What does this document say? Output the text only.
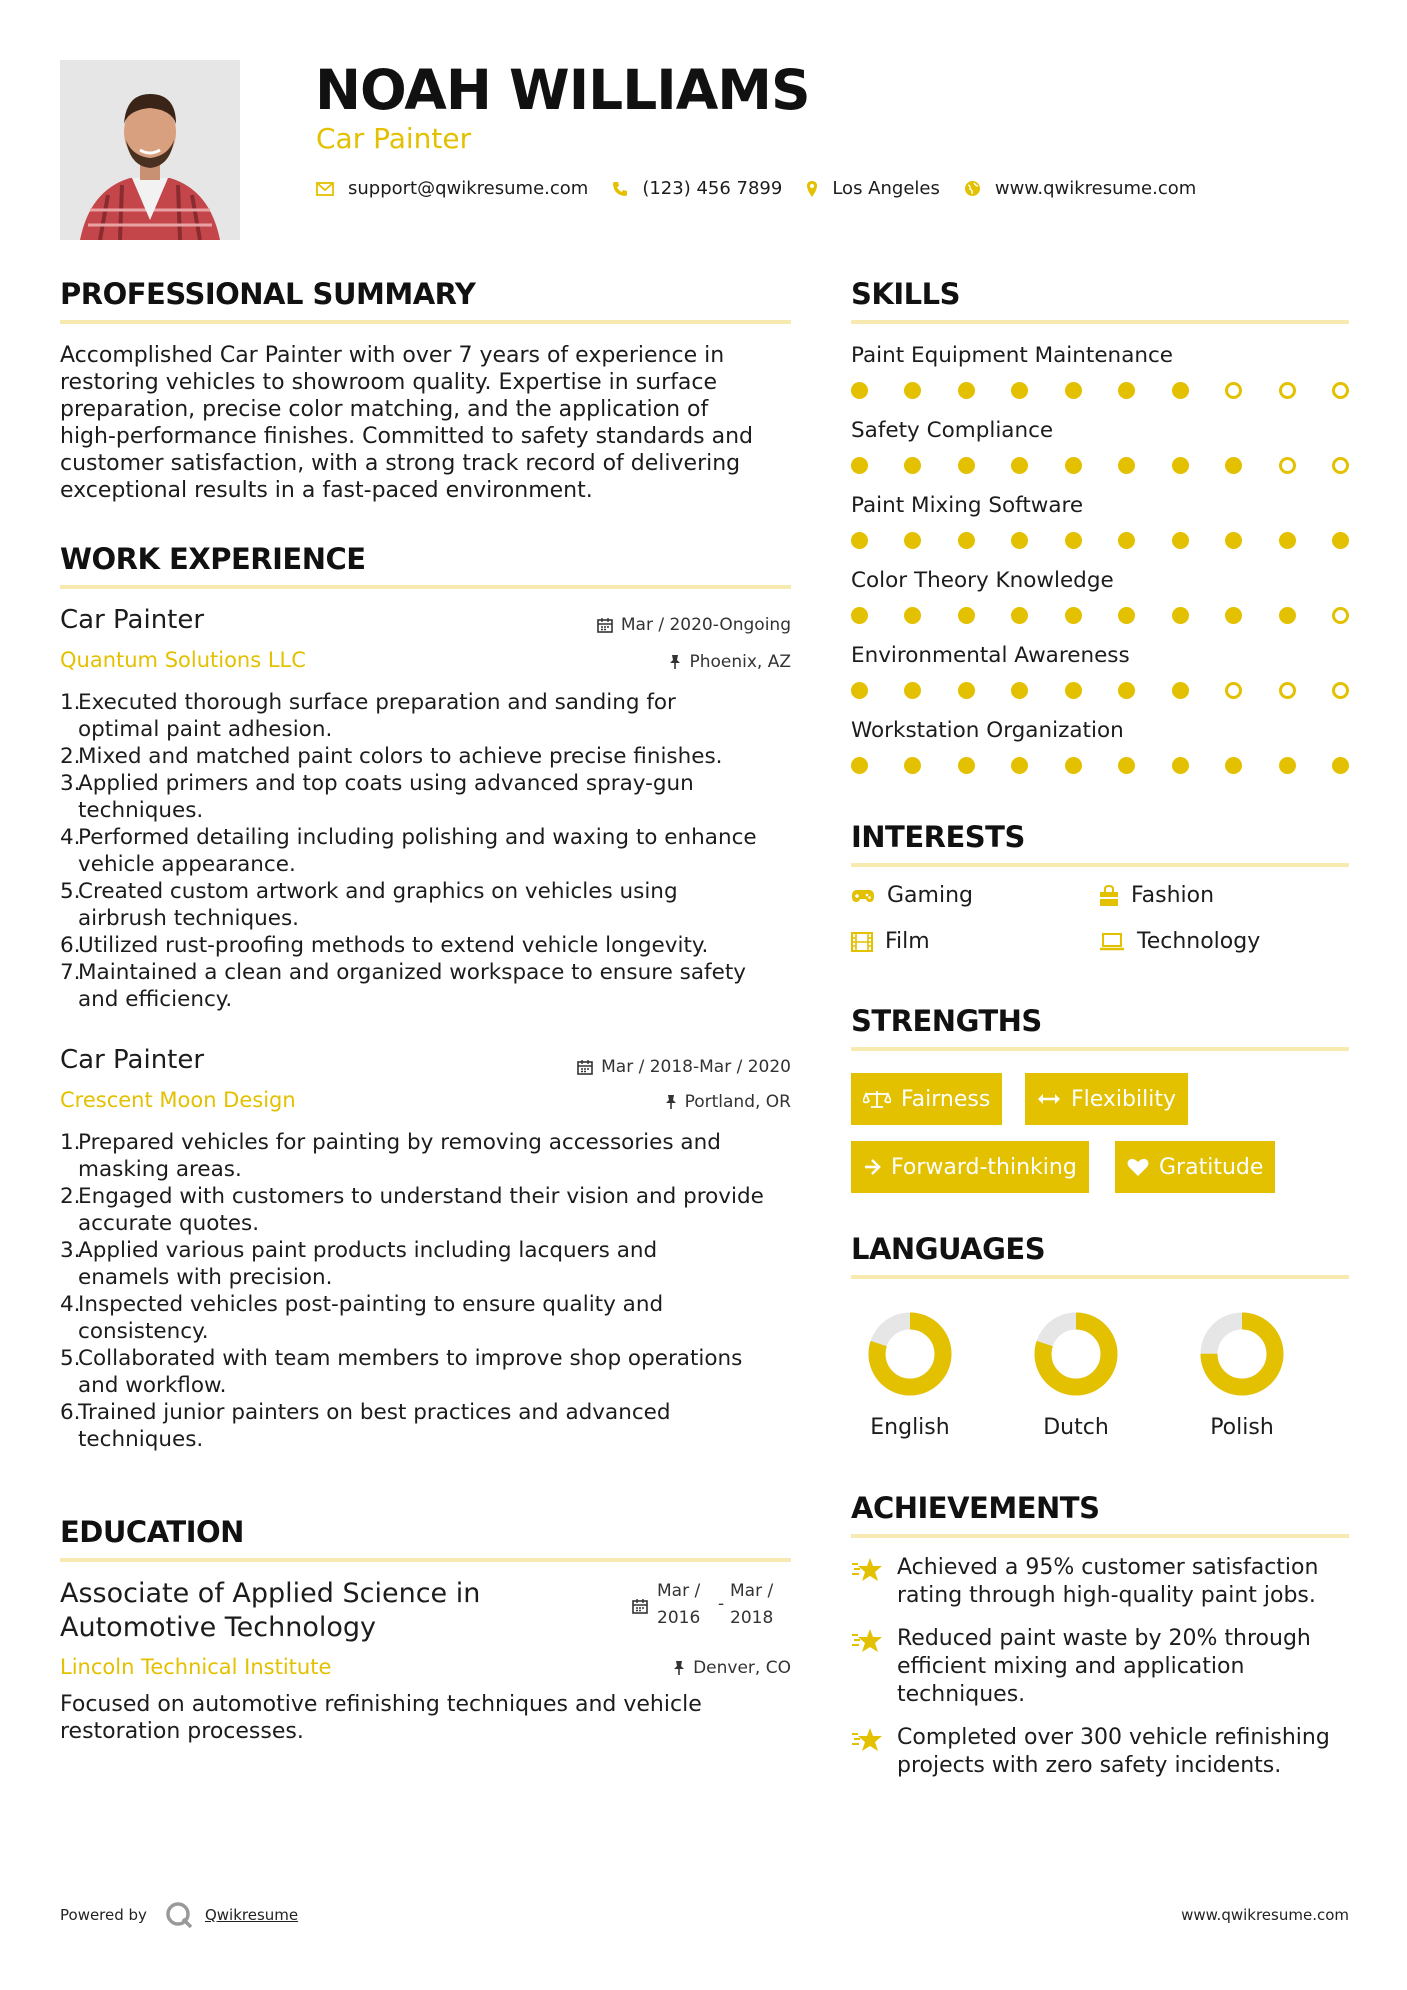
NOAH WILLIAMS
Car Painter
support@qwikresume.com	(123) 456 7899	Los Angeles	www.qwikresume.com
PROFESSIONAL SUMMARY
Accomplished Car Painter with over 7 years of experience in
restoring vehicles to showroom quality. Expertise in surface
preparation, precise color matching, and the application of
high-performance finishes. Committed to safety standards and
customer satisfaction, with a strong track record of delivering
exceptional results in a fast-paced environment.
WORK EXPERIENCE
Car Painter	Mar / 2020-Ongoing
Quantum Solutions LLC	Phoenix, AZ
1.
Executed thorough surface preparation and sanding for
optimal paint adhesion.
2.
Mixed and matched paint colors to achieve precise finishes.
3.
Applied primers and top coats using advanced spray-gun
techniques.
4.
Performed detailing including polishing and waxing to enhance
vehicle appearance.
5.
Created custom artwork and graphics on vehicles using
airbrush techniques.
6.
Utilized rust-proofing methods to extend vehicle longevity.
7.
Maintained a clean and organized workspace to ensure safety
and efficiency.
Car Painter	Mar / 2018-Mar / 2020
Crescent Moon Design	Portland, OR
1.
Prepared vehicles for painting by removing accessories and
masking areas.
2.
Engaged with customers to understand their vision and provide
accurate quotes.
3.
Applied various paint products including lacquers and
enamels with precision.
4.
Inspected vehicles post-painting to ensure quality and
consistency.
5.
Collaborated with team members to improve shop operations
and workflow.
6.
Trained junior painters on best practices and advanced
techniques.
EDUCATION
Associate of Applied Science in
Automotive Technology
Mar /
2016
-
Mar /
2018
Lincoln Technical Institute	Denver, CO
Focused on automotive refinishing techniques and vehicle
restoration processes.
SKILLS
Paint Equipment Maintenance
Safety Compliance
Paint Mixing Software
Color Theory Knowledge
Environmental Awareness
Workstation Organization
INTERESTS
Gaming	Fashion
Film	Technology
STRENGTHS
Fairness	Flexibility
Forward-thinking	Gratitude
LANGUAGES
English	Dutch	Polish
ACHIEVEMENTS
Achieved a 95% customer satisfaction
rating through high-quality paint jobs.
Reduced paint waste by 20% through
efficient mixing and application
techniques.
Completed over 300 vehicle refinishing
projects with zero safety incidents.
Powered by	Qwikresume	www.qwikresume.com
